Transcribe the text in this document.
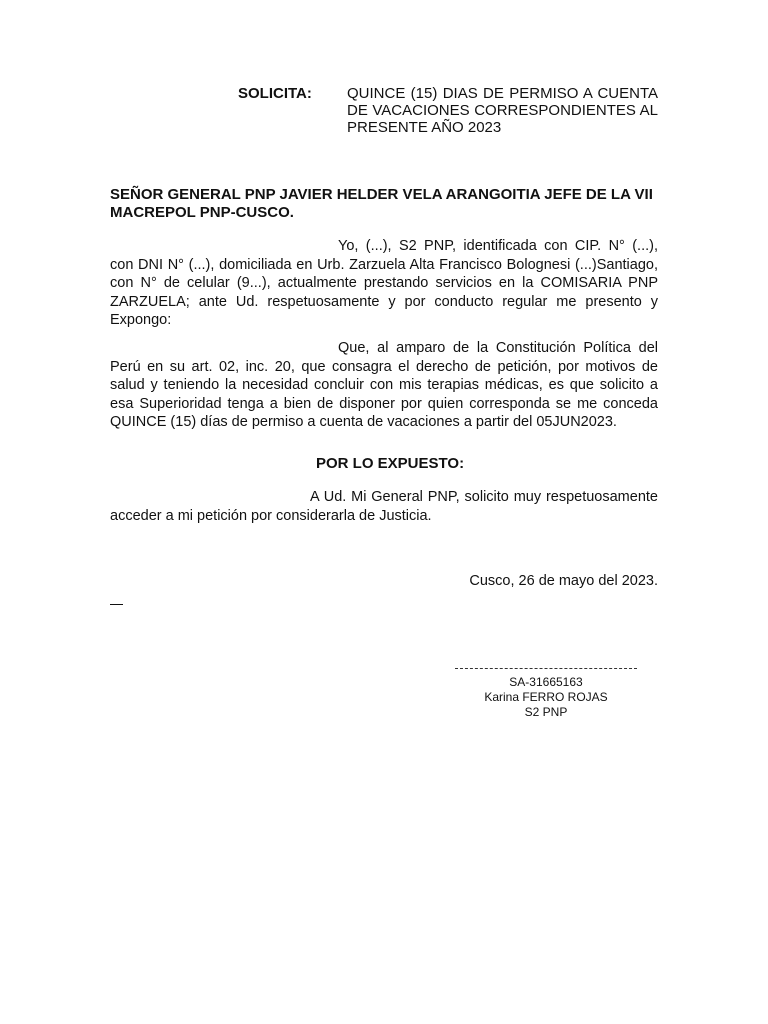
SOLICITA: QUINCE (15) DIAS DE PERMISO A CUENTA DE VACACIONES CORRESPONDIENTES AL PRESENTE AÑO 2023
SEÑOR GENERAL PNP JAVIER HELDER VELA ARANGOITIA JEFE DE LA VII MACREPOL PNP-CUSCO.
Yo, (...), S2 PNP, identificada con CIP. N° (...), con DNI N° (...), domiciliada en Urb. Zarzuela Alta Francisco Bolognesi (...)Santiago, con N° de celular (9...), actualmente prestando servicios en la COMISARIA PNP ZARZUELA; ante Ud. respetuosamente y por conducto regular me presento y Expongo:
Que, al amparo de la Constitución Política del Perú en su art. 02, inc. 20, que consagra el derecho de petición, por motivos de salud y teniendo la necesidad concluir con mis terapias médicas, es que solicito a esa Superioridad tenga a bien de disponer por quien corresponda se me conceda QUINCE (15) días de permiso a cuenta de vacaciones a partir del 05JUN2023.
POR LO EXPUESTO:
A Ud. Mi General PNP, solicito muy respetuosamente acceder a mi petición por considerarla de Justicia.
Cusco, 26 de mayo del 2023.
SA-31665163
Karina FERRO ROJAS
S2 PNP
